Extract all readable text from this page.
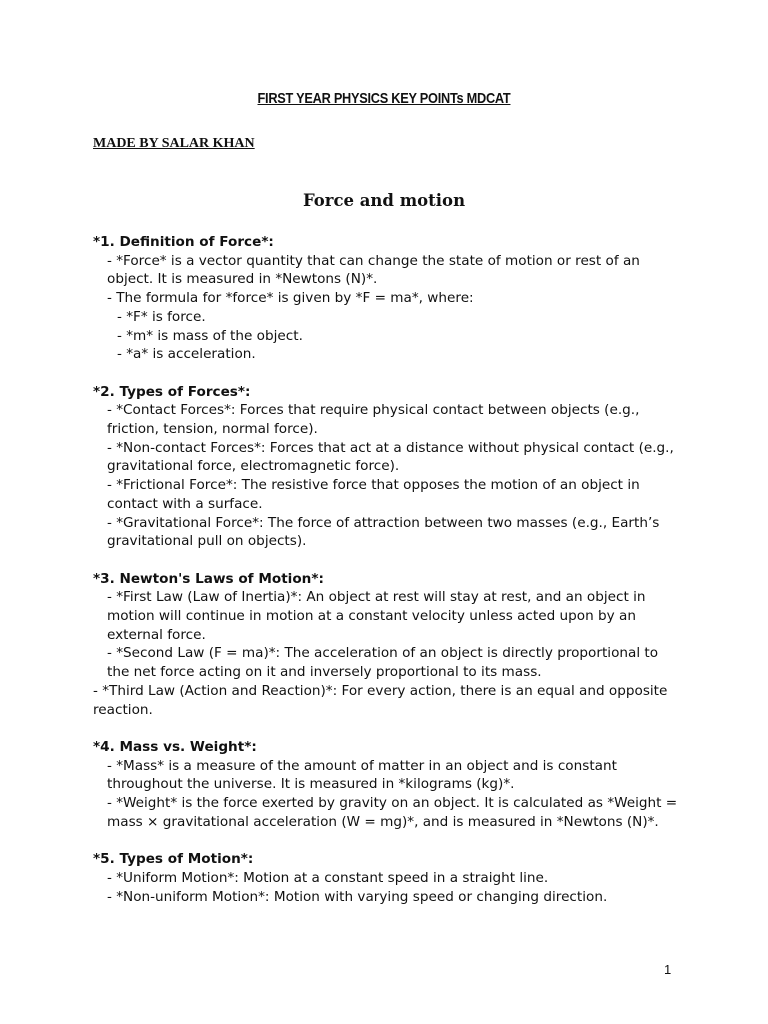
FIRST YEAR PHYSICS KEY POINTs MDCAT

MADE BY SALAR KHAN

Force and motion

*1. Definition of Force*:

- *Force* is a vector quantity that can change the state of motion or rest of an object. It is measured in *Newtons (N)*.

- The formula for *force* is given by *F = ma*, where:

- *F* is force.

- *m* is mass of the object.

- *a* is acceleration.

*2. Types of Forces*:

- *Contact Forces*: Forces that require physical contact between objects (e.g., friction, tension, normal force).

- *Non-contact Forces*: Forces that act at a distance without physical contact (e.g., gravitational force, electromagnetic force).

- *Frictional Force*: The resistive force that opposes the motion of an object in contact with a surface.

- *Gravitational Force*: The force of attraction between two masses (e.g., Earth’s gravitational pull on objects).

*3. Newton's Laws of Motion*:

- *First Law (Law of Inertia)*: An object at rest will stay at rest, and an object in motion will continue in motion at a constant velocity unless acted upon by an external force.

- *Second Law (F = ma)*: The acceleration of an object is directly proportional to the net force acting on it and inversely proportional to its mass.

- *Third Law (Action and Reaction)*: For every action, there is an equal and opposite reaction.

*4. Mass vs. Weight*:

- *Mass* is a measure of the amount of matter in an object and is constant throughout the universe. It is measured in *kilograms (kg)*.

- *Weight* is the force exerted by gravity on an object. It is calculated as *Weight = mass × gravitational acceleration (W = mg)*, and is measured in *Newtons (N)*.

*5. Types of Motion*:

- *Uniform Motion*: Motion at a constant speed in a straight line.

- *Non-uniform Motion*: Motion with varying speed or changing direction.

1
